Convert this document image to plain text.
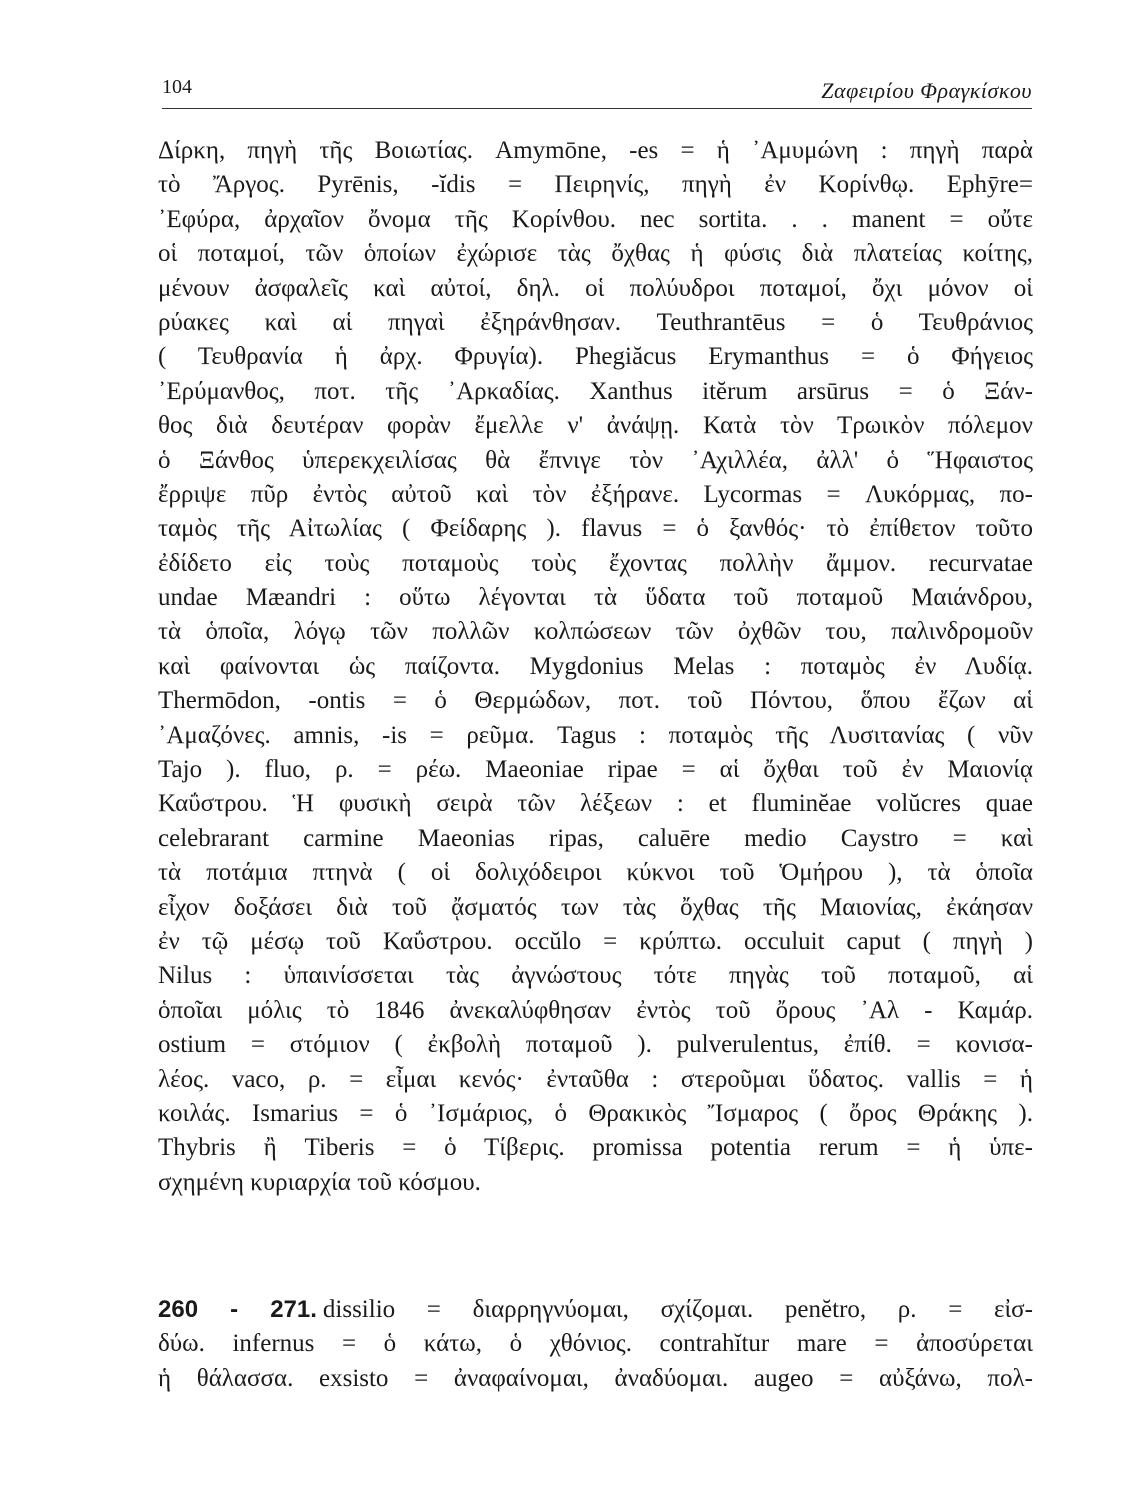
104	Ζαφειρίου Φραγκίσκου
Δίρκη, πηγὴ τῆς Βοιωτίας. Amymōne, -es = ἡ ᾿Αμυμώνη : πηγὴ παρὰ
τὸ Ἄργος. Pyrēnis, -ĭdis = Πειρηνίς, πηγὴ ἐν Κορίνθῳ. Ephȳre=
᾿Εφύρα, ἀρχαῖον ὄνομα τῆς Κορίνθου. nec sortita. . . manent = οὔτε
οἱ ποταμοί, τῶν ὁποίων ἐχώρισε τὰς ὄχθας ἡ φύσις διὰ πλατείας κοίτης,
μένουν ἀσφαλεῖς καὶ αὐτοί, δηλ. οἱ πολύυδροι ποταμοί, ὄχι μόνον οἱ
ρύακες καὶ αἱ πηγαὶ ἐξηράνθησαν. Teuthrantēus = ὁ Τευθράνιος
( Τευθρανία ἡ ἀρχ. Φρυγία). Phegiăcus Erymanthus = ὁ Φήγειος
᾿Ερύμανθος, ποτ. τῆς ᾿Αρκαδίας. Xanthus itĕrum arsūrus = ὁ Ξάν-
θος διὰ δευτέραν φορὰν ἔμελλε ν' ἀνάψῃ. Κατὰ τὸν Τρωικὸν πόλεμον
ὁ Ξάνθος ὑπερεκχειλίσας θὰ ἔπνιγε τὸν ᾿Αχιλλέα, ἀλλ' ὁ Ἥφαιστος
ἔρριψε πῦρ ἐντὸς αὐτοῦ καὶ τὸν ἐξήρανε. Lycormas = Λυκόρμας, πο-
ταμὸς τῆς Αἰτωλίας ( Φείδαρης ). flavus = ὁ ξανθός· τὸ ἐπίθετον τοῦτο
ἐδίδετο εἰς τοὺς ποταμοὺς τοὺς ἔχοντας πολλὴν ἄμμον. recurvatae
undae Mæandri : οὕτω λέγονται τὰ ὕδατα τοῦ ποταμοῦ Μαιάνδρου,
τὰ ὁποῖα, λόγῳ τῶν πολλῶν κολπώσεων τῶν ὀχθῶν του, παλινδρομοῦν
καὶ φαίνονται ὡς παίζοντα. Mygdonius Melas : ποταμὸς ἐν Λυδίᾳ.
Thermōdon, -ontis = ὁ Θερμώδων, ποτ. τοῦ Πόντου, ὅπου ἔζων αἱ
᾿Αμαζόνες. amnis, -is = ρεῦμα. Tagus : ποταμὸς τῆς Λυσιτανίας ( νῦν
Tajo ). fluo, ρ. = ρέω. Maeoniae ripae = αἱ ὄχθαι τοῦ ἐν Μαιονίᾳ
Καΰστρου. Ἡ φυσικὴ σειρὰ τῶν λέξεων : et fluminĕae volŭcres quae
celebrarant carmine Maeonias ripas, caluēre medio Caystro = καὶ
τὰ ποτάμια πτηνὰ ( οἱ δολιχόδειροι κύκνοι τοῦ Ὁμήρου ), τὰ ὁποῖα
εἶχον δοξάσει διὰ τοῦ ᾄσματός των τὰς ὄχθας τῆς Μαιονίας, ἐκάησαν
ἐν τῷ μέσῳ τοῦ Καΰστρου. occŭlo = κρύπτω. occuluit caput ( πηγὴ )
Nilus : ὑπαινίσσεται τὰς ἀγνώστους τότε πηγὰς τοῦ ποταμοῦ, αἱ
ὁποῖαι μόλις τὸ 1846 ἀνεκαλύφθησαν ἐντὸς τοῦ ὄρους ᾿Αλ - Καμάρ.
ostium = στόμιον ( ἐκβολὴ ποταμοῦ ). pulverulentus, ἐπίθ. = κονισα-
λέος. vaco, ρ. = εἶμαι κενός· ἐνταῦθα : στεροῦμαι ὕδατος. vallis = ἡ
κοιλάς. Ismarius = ὁ ᾿Ισμάριος, ὁ Θρακικὸς Ἴσμαρος ( ὄρος Θράκης ).
Thybris ἢ Tiberis = ὁ Τίβερις. promissa potentia rerum = ἡ ὑπε-
σχημένη κυριαρχία τοῦ κόσμου.
260 - 271. dissilio = διαρρηγνύομαι, σχίζομαι. penĕtro, ρ. = εἰσ-
δύω. infernus = ὁ κάτω, ὁ χθόνιος. contrahĭtur mare = ἀποσύρεται
ἡ θάλασσα. exsisto = ἀναφαίνομαι, ἀναδύομαι. augeo = αὐξάνω, πολ-
